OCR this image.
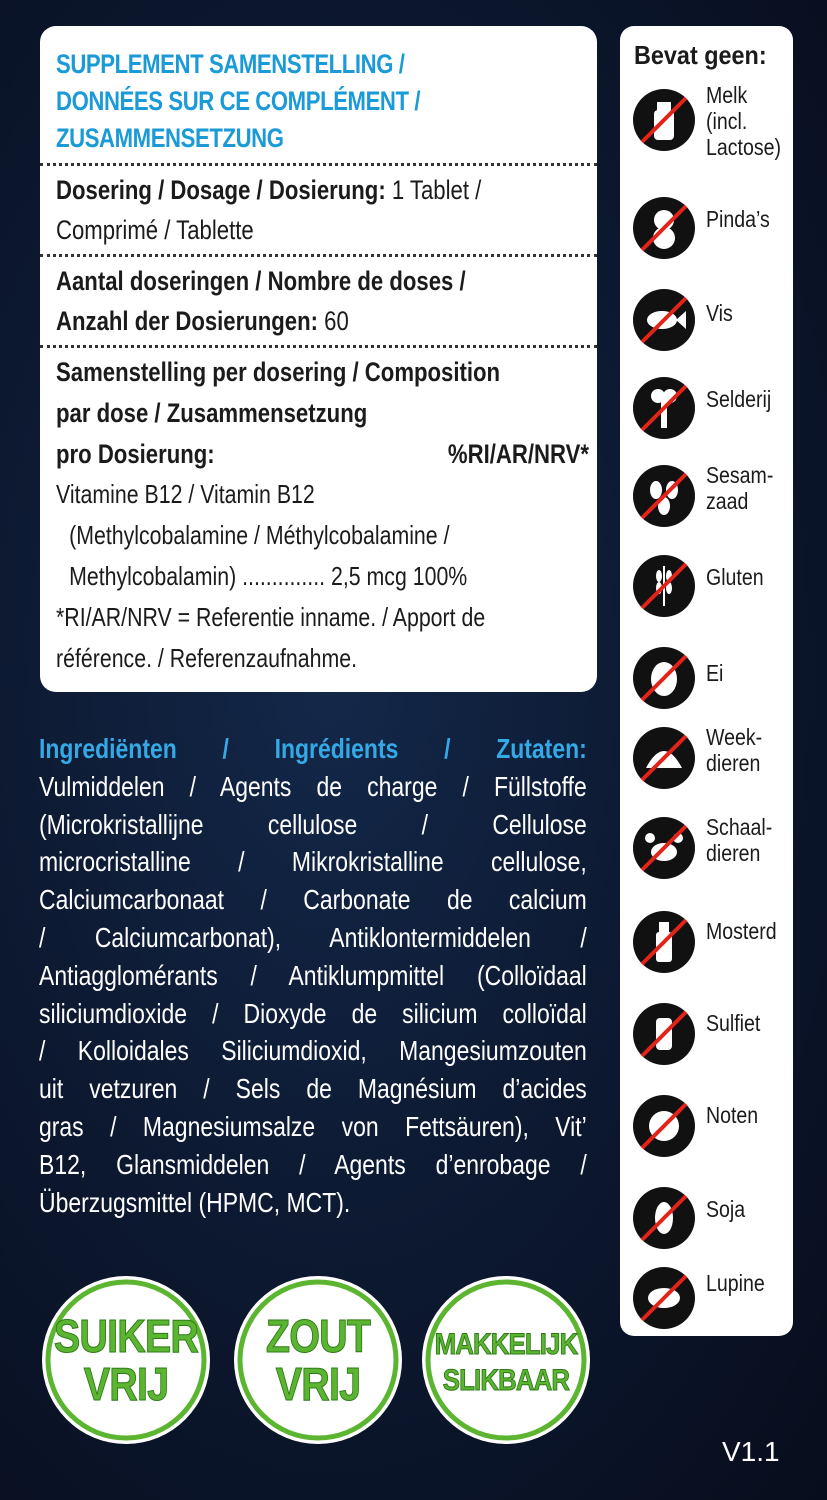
SUPPLEMENT SAMENSTELLING /
DONNÉES SUR CE COMPLÉMENT /
ZUSAMMENSETZUNG
Dosering / Dosage / Dosierung: 1 Tablet /
Comprimé / Tablette
Aantal doseringen / Nombre de doses /
Anzahl der Dosierungen: 60
Samenstelling per dosering / Composition
par dose / Zusammensetzung
pro Dosierung:	%RI/AR/NRV*
Vitamine B12 / Vitamin B12
(Methylcobalamine / Méthylcobalamine /
Methylcobalamin) .............. 2,5 mcg 100%
*RI/AR/NRV = Referentie inname. / Apport de
référence. / Referenzaufnahme.
Ingrediënten / Ingrédients / Zutaten:
Vulmiddelen / Agents de charge / Füllstoffe
(Microkristallijne cellulose / Cellulose
microcristalline / Mikrokristalline cellulose,
Calciumcarbonaat / Carbonate de calcium
/ Calciumcarbonat), Antiklontermiddelen /
Antiagglomérants / Antiklumpmittel (Colloïdaal
siliciumdioxide / Dioxyde de silicium colloïdal
/ Kolloidales Siliciumdioxid, Mangesiumzouten
uit vetzuren / Sels de Magnésium d’acides
gras / Magnesiumsalze von Fettsäuren), Vit’
B12, Glansmiddelen / Agents d’enrobage /
Überzugsmittel (HPMC, MCT).
Bevat geen:
Melk
(incl.
Lactose)
Pinda’s
Vis
Selderij
Sesam-
zaad
Gluten
Ei
Week-
dieren
Schaal-
dieren
Mosterd
Sulfiet
Noten
Soja
Lupine
SUIKER
VRIJ
ZOUT
VRIJ
MAKKELIJK
SLIKBAAR
V1.1
